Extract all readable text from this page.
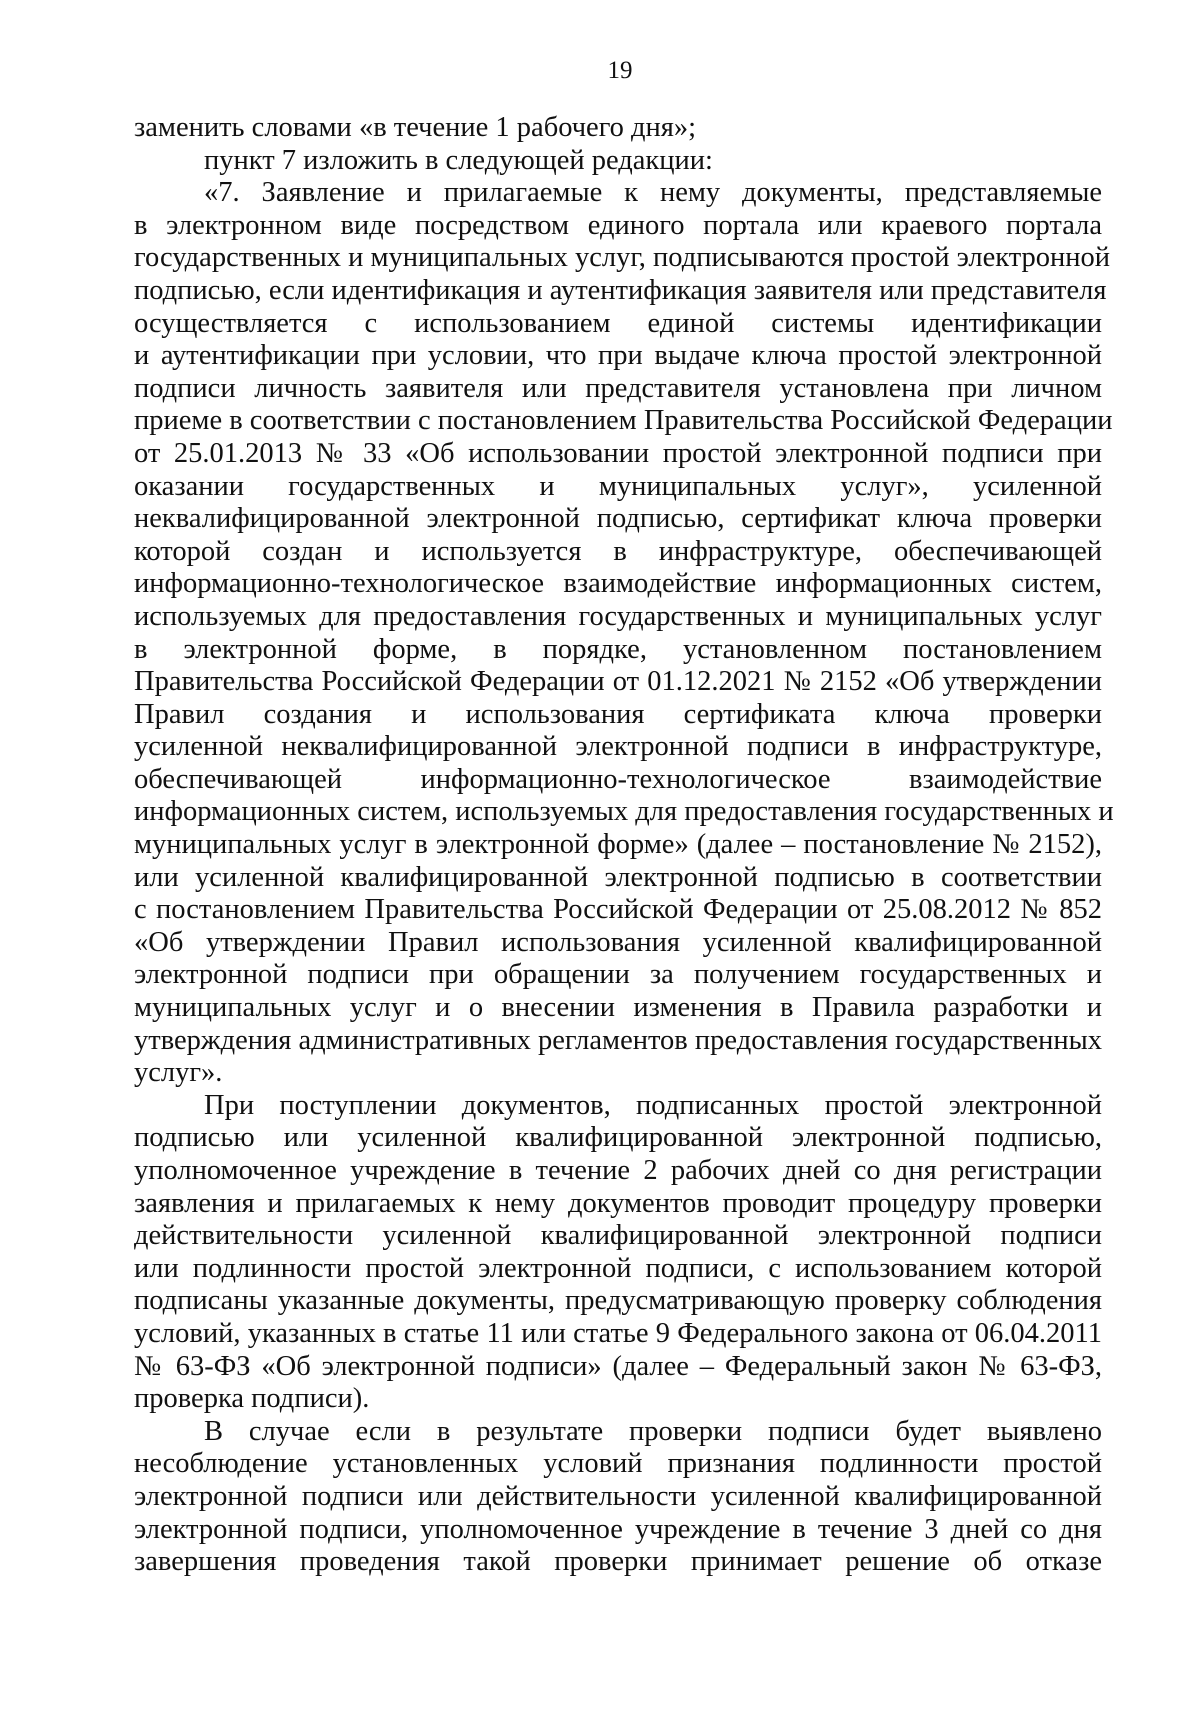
19
заменить словами «в течение 1 рабочего дня»;
пункт 7 изложить в следующей редакции:
«7. Заявление и прилагаемые к нему документы, представляемые
в электронном виде посредством единого портала или краевого портала
государственных и муниципальных услуг, подписываются простой электронной
подписью, если идентификация и аутентификация заявителя или представителя
осуществляется с использованием единой системы идентификации
и аутентификации при условии, что при выдаче ключа простой электронной
подписи личность заявителя или представителя установлена при личном
приеме в соответствии с постановлением Правительства Российской Федерации
от 25.01.2013 № 33 «Об использовании простой электронной подписи при
оказании государственных и муниципальных услуг», усиленной
неквалифицированной электронной подписью, сертификат ключа проверки
которой создан и используется в инфраструктуре, обеспечивающей
информационно-технологическое взаимодействие информационных систем,
используемых для предоставления государственных и муниципальных услуг
в электронной форме, в порядке, установленном постановлением
Правительства Российской Федерации от 01.12.2021 № 2152 «Об утверждении
Правил создания и использования сертификата ключа проверки
усиленной неквалифицированной электронной подписи в инфраструктуре,
обеспечивающей информационно-технологическое взаимодействие
информационных систем, используемых для предоставления государственных и
муниципальных услуг в электронной форме» (далее – постановление № 2152),
или усиленной квалифицированной электронной подписью в соответствии
с постановлением Правительства Российской Федерации от 25.08.2012 № 852
«Об утверждении Правил использования усиленной квалифицированной
электронной подписи при обращении за получением государственных и
муниципальных услуг и о внесении изменения в Правила разработки и
утверждения административных регламентов предоставления государственных
услуг».
При поступлении документов, подписанных простой электронной
подписью или усиленной квалифицированной электронной подписью,
уполномоченное учреждение в течение 2 рабочих дней со дня регистрации
заявления и прилагаемых к нему документов проводит процедуру проверки
действительности усиленной квалифицированной электронной подписи
или подлинности простой электронной подписи, с использованием которой
подписаны указанные документы, предусматривающую проверку соблюдения
условий, указанных в статье 11 или статье 9 Федерального закона от 06.04.2011
№ 63-ФЗ «Об электронной подписи» (далее – Федеральный закон № 63-ФЗ,
проверка подписи).
В случае если в результате проверки подписи будет выявлено
несоблюдение установленных условий признания подлинности простой
электронной подписи или действительности усиленной квалифицированной
электронной подписи, уполномоченное учреждение в течение 3 дней со дня
завершения проведения такой проверки принимает решение об отказе
